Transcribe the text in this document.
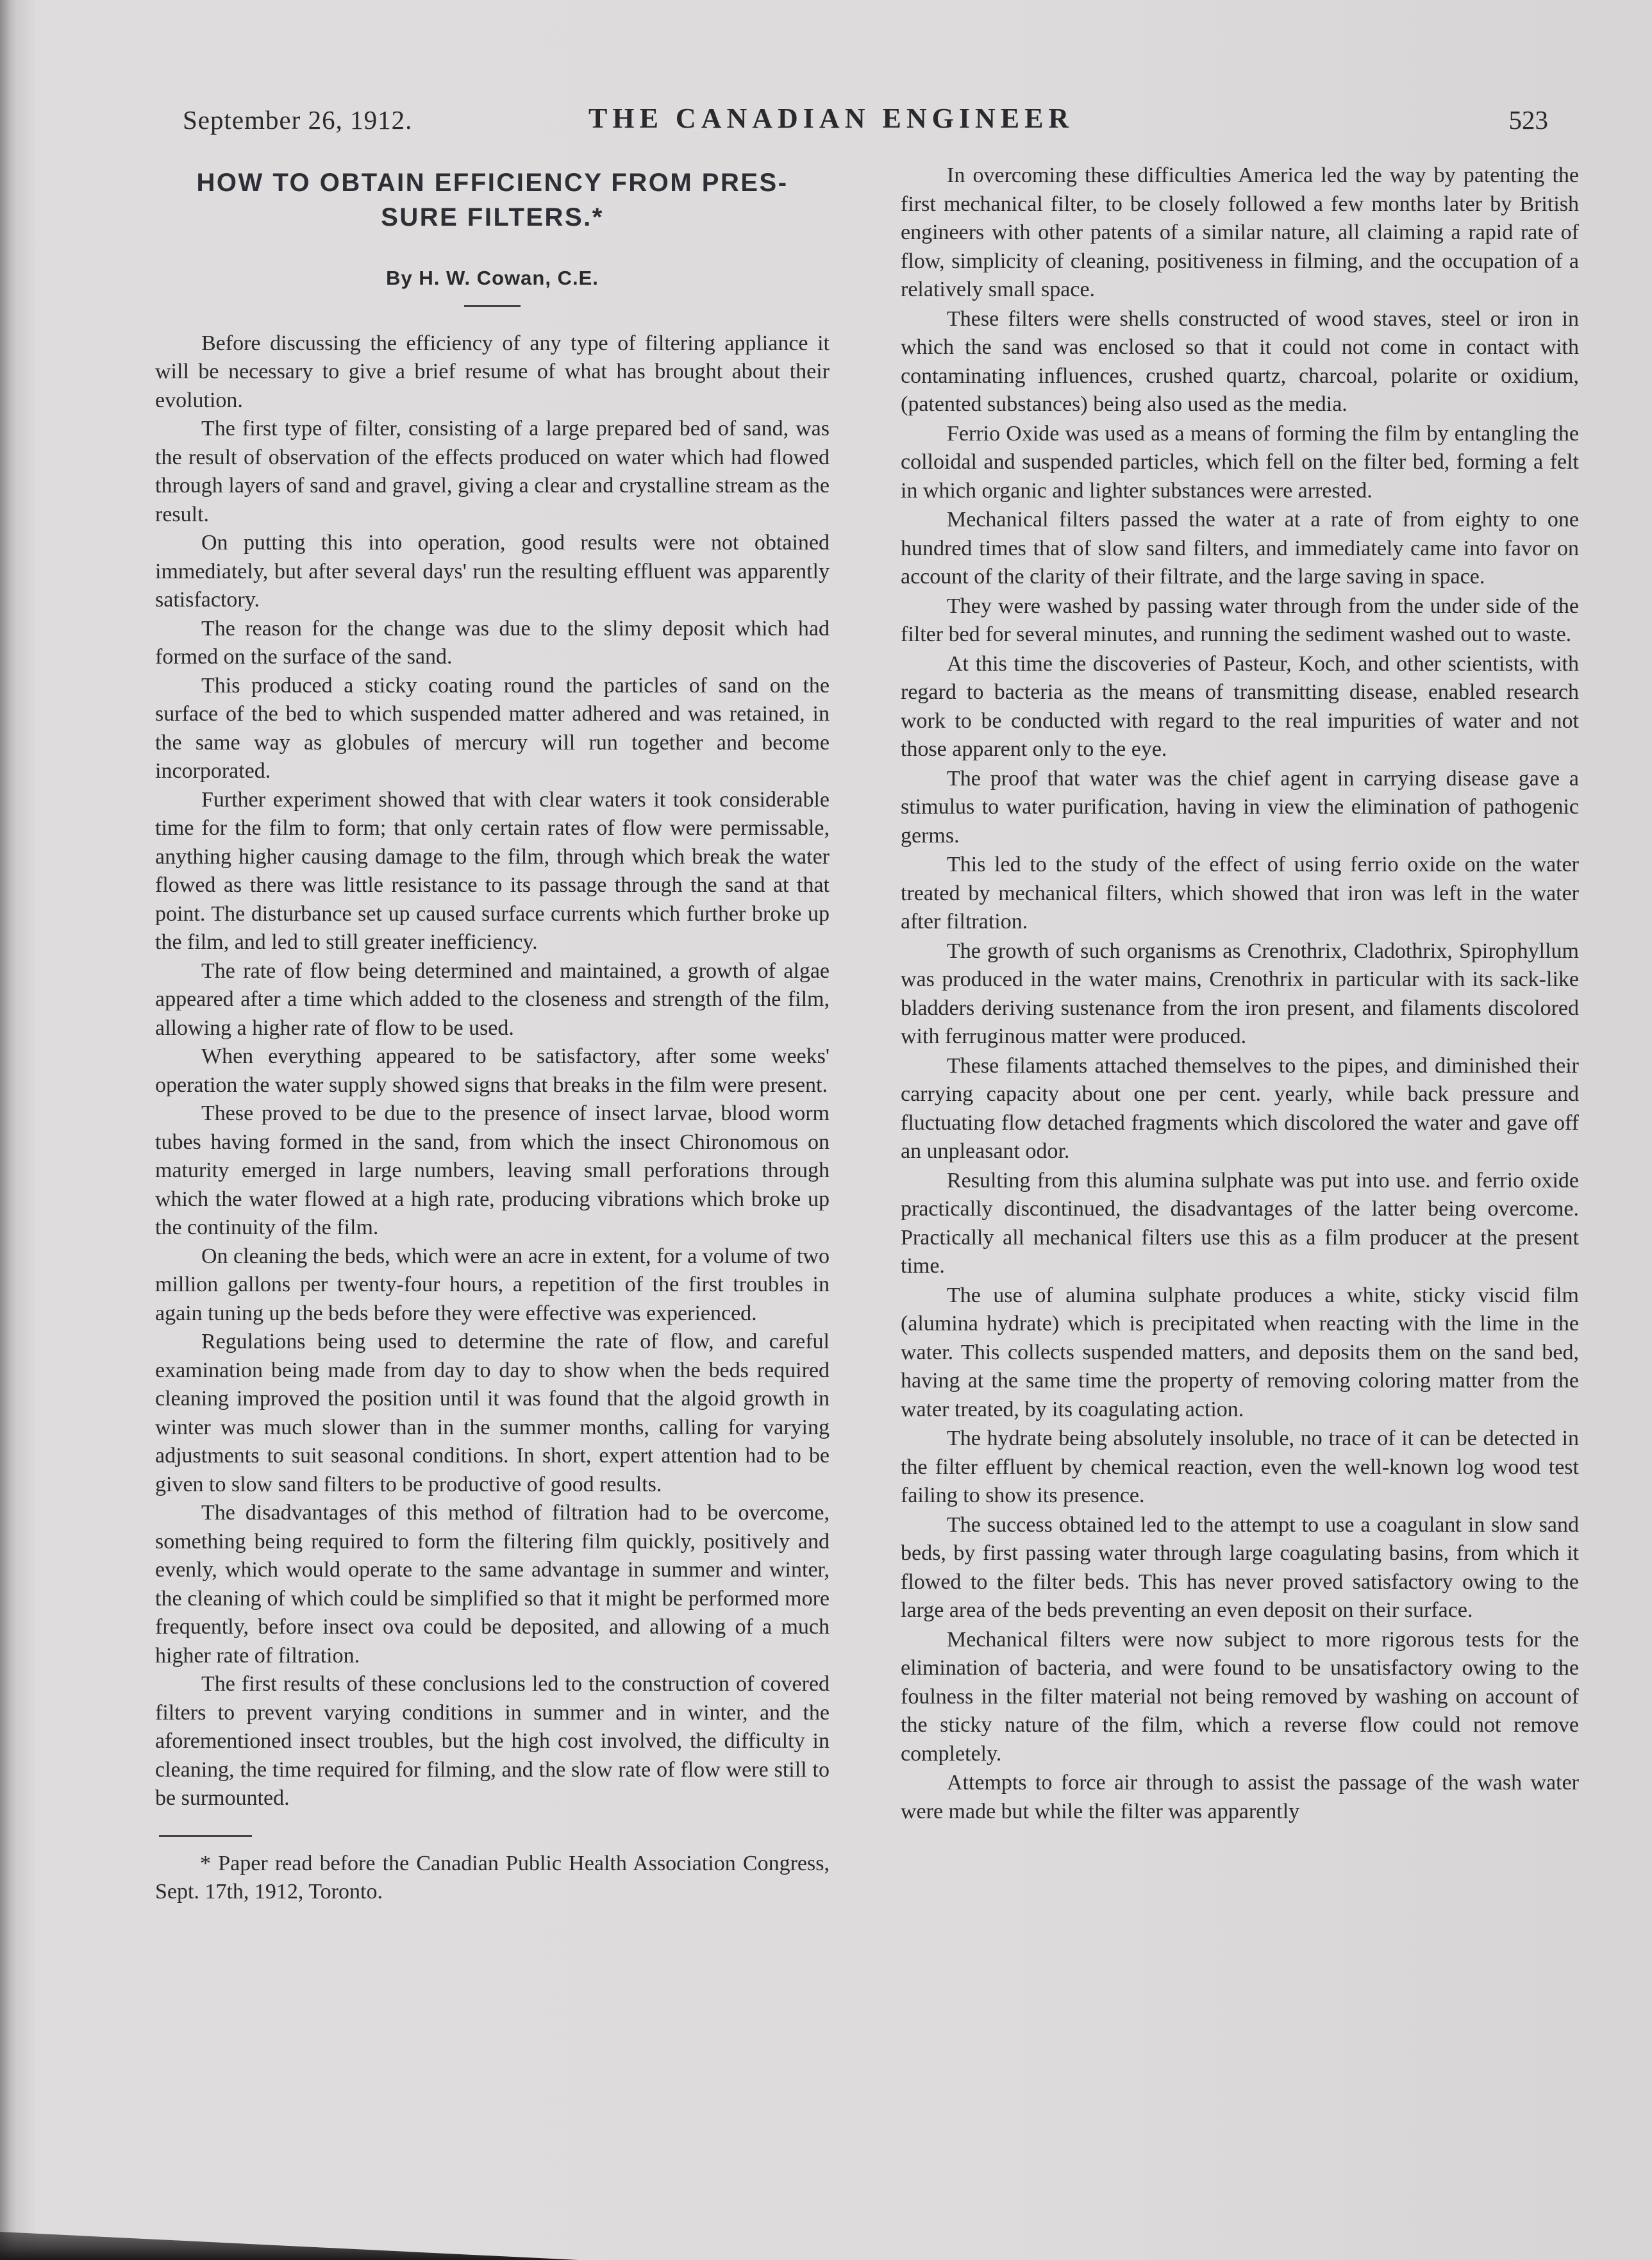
September 26, 1912.	THE CANADIAN ENGINEER	523
HOW TO OBTAIN EFFICIENCY FROM PRES- SURE FILTERS.*
By H. W. Cowan, C.E.

Before discussing the efficiency of any type of filtering appliance it will be necessary to give a brief resume of what has brought about their evolution.

The first type of filter, consisting of a large prepared bed of sand, was the result of observation of the effects produced on water which had flowed through layers of sand and gravel, giving a clear and crystalline stream as the result.

On putting this into operation, good results were not obtained immediately, but after several days' run the resulting effluent was apparently satisfactory.

The reason for the change was due to the slimy deposit which had formed on the surface of the sand.

This produced a sticky coating round the particles of sand on the surface of the bed to which suspended matter adhered and was retained, in the same way as globules of mercury will run together and become incorporated.

Further experiment showed that with clear waters it took considerable time for the film to form; that only certain rates of flow were permissable, anything higher causing damage to the film, through which break the water flowed as there was little resistance to its passage through the sand at that point. The disturbance set up caused surface currents which further broke up the film, and led to still greater inefficiency.

The rate of flow being determined and maintained, a growth of algae appeared after a time which added to the closeness and strength of the film, allowing a higher rate of flow to be used.

When everything appeared to be satisfactory, after some weeks' operation the water supply showed signs that breaks in the film were present.

These proved to be due to the presence of insect larvae, blood worm tubes having formed in the sand, from which the insect Chironomous on maturity emerged in large numbers, leaving small perforations through which the water flowed at a high rate, producing vibrations which broke up the continuity of the film.

On cleaning the beds, which were an acre in extent, for a volume of two million gallons per twenty-four hours, a repetition of the first troubles in again tuning up the beds before they were effective was experienced.

Regulations being used to determine the rate of flow, and careful examination being made from day to day to show when the beds required cleaning improved the position until it was found that the algoid growth in winter was much slower than in the summer months, calling for varying adjustments to suit seasonal conditions. In short, expert attention had to be given to slow sand filters to be productive of good results.

The disadvantages of this method of filtration had to be overcome, something being required to form the filtering film quickly, positively and evenly, which would operate to the same advantage in summer and winter, the cleaning of which could be simplified so that it might be performed more frequently, before insect ova could be deposited, and allowing of a much higher rate of filtration.

The first results of these conclusions led to the construction of covered filters to prevent varying conditions in summer and in winter, and the aforementioned insect troubles, but the high cost involved, the difficulty in cleaning, the time required for filming, and the slow rate of flow were still to be surmounted.

* Paper read before the Canadian Public Health Association Congress, Sept. 17th, 1912, Toronto.

In overcoming these difficulties America led the way by patenting the first mechanical filter, to be closely followed a few months later by British engineers with other patents of a similar nature, all claiming a rapid rate of flow, simplicity of cleaning, positiveness in filming, and the occupation of a relatively small space.

These filters were shells constructed of wood staves, steel or iron in which the sand was enclosed so that it could not come in contact with contaminating influences, crushed quartz, charcoal, polarite or oxidium, (patented substances) being also used as the media.

Ferrio Oxide was used as a means of forming the film by entangling the colloidal and suspended particles, which fell on the filter bed, forming a felt in which organic and lighter substances were arrested.

Mechanical filters passed the water at a rate of from eighty to one hundred times that of slow sand filters, and immediately came into favor on account of the clarity of their filtrate, and the large saving in space.

They were washed by passing water through from the under side of the filter bed for several minutes, and running the sediment washed out to waste.

At this time the discoveries of Pasteur, Koch, and other scientists, with regard to bacteria as the means of transmitting disease, enabled research work to be conducted with regard to the real impurities of water and not those apparent only to the eye.

The proof that water was the chief agent in carrying disease gave a stimulus to water purification, having in view the elimination of pathogenic germs.

This led to the study of the effect of using ferrio oxide on the water treated by mechanical filters, which showed that iron was left in the water after filtration.

The growth of such organisms as Crenothrix, Cladothrix, Spirophyllum was produced in the water mains, Crenothrix in particular with its sack-like bladders deriving sustenance from the iron present, and filaments discolored with ferruginous matter were produced.

These filaments attached themselves to the pipes, and diminished their carrying capacity about one per cent. yearly, while back pressure and fluctuating flow detached fragments which discolored the water and gave off an unpleasant odor.

Resulting from this alumina sulphate was put into use. and ferrio oxide practically discontinued, the disadvantages of the latter being overcome. Practically all mechanical filters use this as a film producer at the present time.

The use of alumina sulphate produces a white, sticky viscid film (alumina hydrate) which is precipitated when reacting with the lime in the water. This collects suspended matters, and deposits them on the sand bed, having at the same time the property of removing coloring matter from the water treated, by its coagulating action.

The hydrate being absolutely insoluble, no trace of it can be detected in the filter effluent by chemical reaction, even the well-known log wood test failing to show its presence.

The success obtained led to the attempt to use a coagulant in slow sand beds, by first passing water through large coagulating basins, from which it flowed to the filter beds. This has never proved satisfactory owing to the large area of the beds preventing an even deposit on their surface.

Mechanical filters were now subject to more rigorous tests for the elimination of bacteria, and were found to be unsatisfactory owing to the foulness in the filter material not being removed by washing on account of the sticky nature of the film, which a reverse flow could not remove completely.

Attempts to force air through to assist the passage of the wash water were made but while the filter was apparently
